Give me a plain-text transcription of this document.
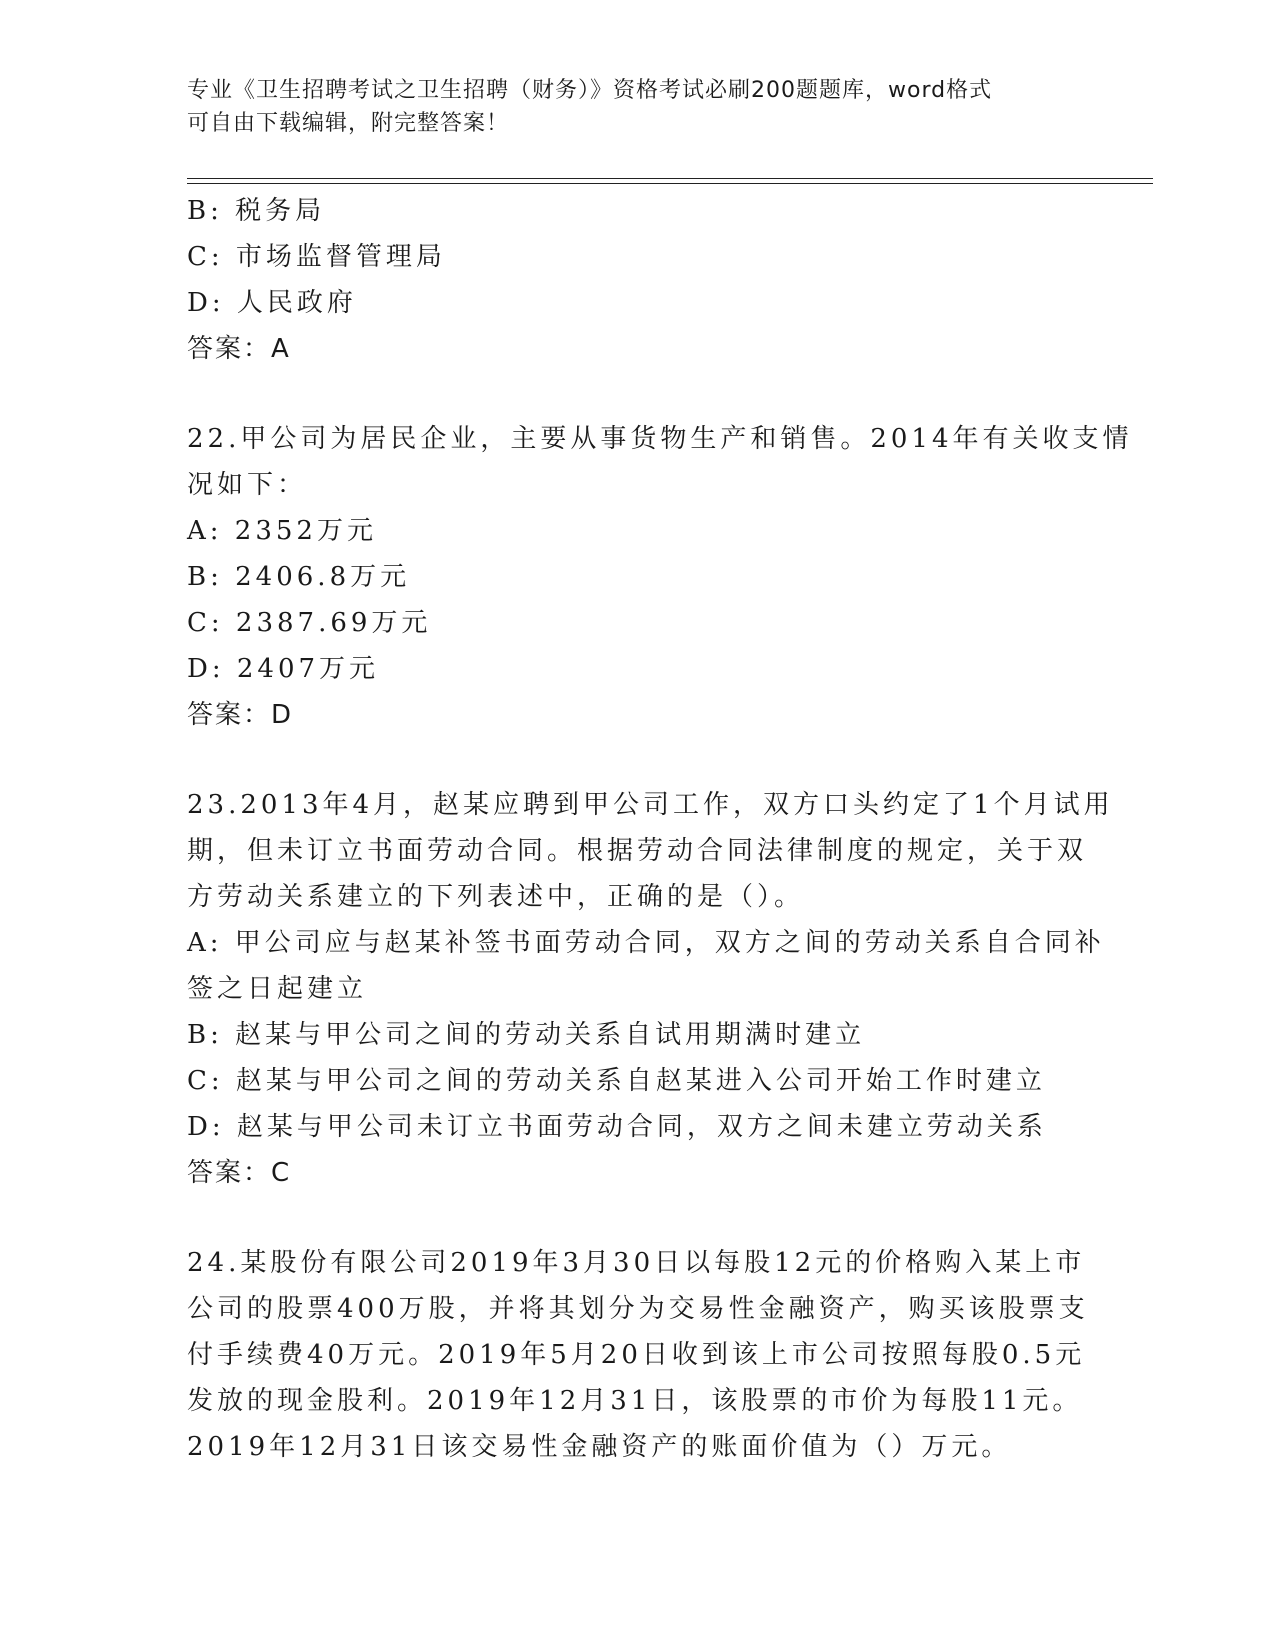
专业《卫生招聘考试之卫生招聘（财务）》资格考试必刷200题题库，word格式
可自由下载编辑，附完整答案！
B: 税务局
C: 市场监督管理局
D: 人民政府
答案：A
22.甲公司为居民企业，主要从事货物生产和销售。2014年有关收支情
况如下：
A: 2352万元
B: 2406.8万元
C: 2387.69万元
D: 2407万元
答案：D
23.2013年4月，赵某应聘到甲公司工作，双方口头约定了1个月试用
期，但未订立书面劳动合同。根据劳动合同法律制度的规定，关于双
方劳动关系建立的下列表述中，正确的是（）。
A: 甲公司应与赵某补签书面劳动合同，双方之间的劳动关系自合同补
签之日起建立
B: 赵某与甲公司之间的劳动关系自试用期满时建立
C: 赵某与甲公司之间的劳动关系自赵某进入公司开始工作时建立
D: 赵某与甲公司未订立书面劳动合同，双方之间未建立劳动关系
答案：C
24.某股份有限公司2019年3月30日以每股12元的价格购入某上市
公司的股票400万股，并将其划分为交易性金融资产，购买该股票支
付手续费40万元。2019年5月20日收到该上市公司按照每股0.5元
发放的现金股利。2019年12月31日，该股票的市价为每股11元。
2019年12月31日该交易性金融资产的账面价值为（）万元。
